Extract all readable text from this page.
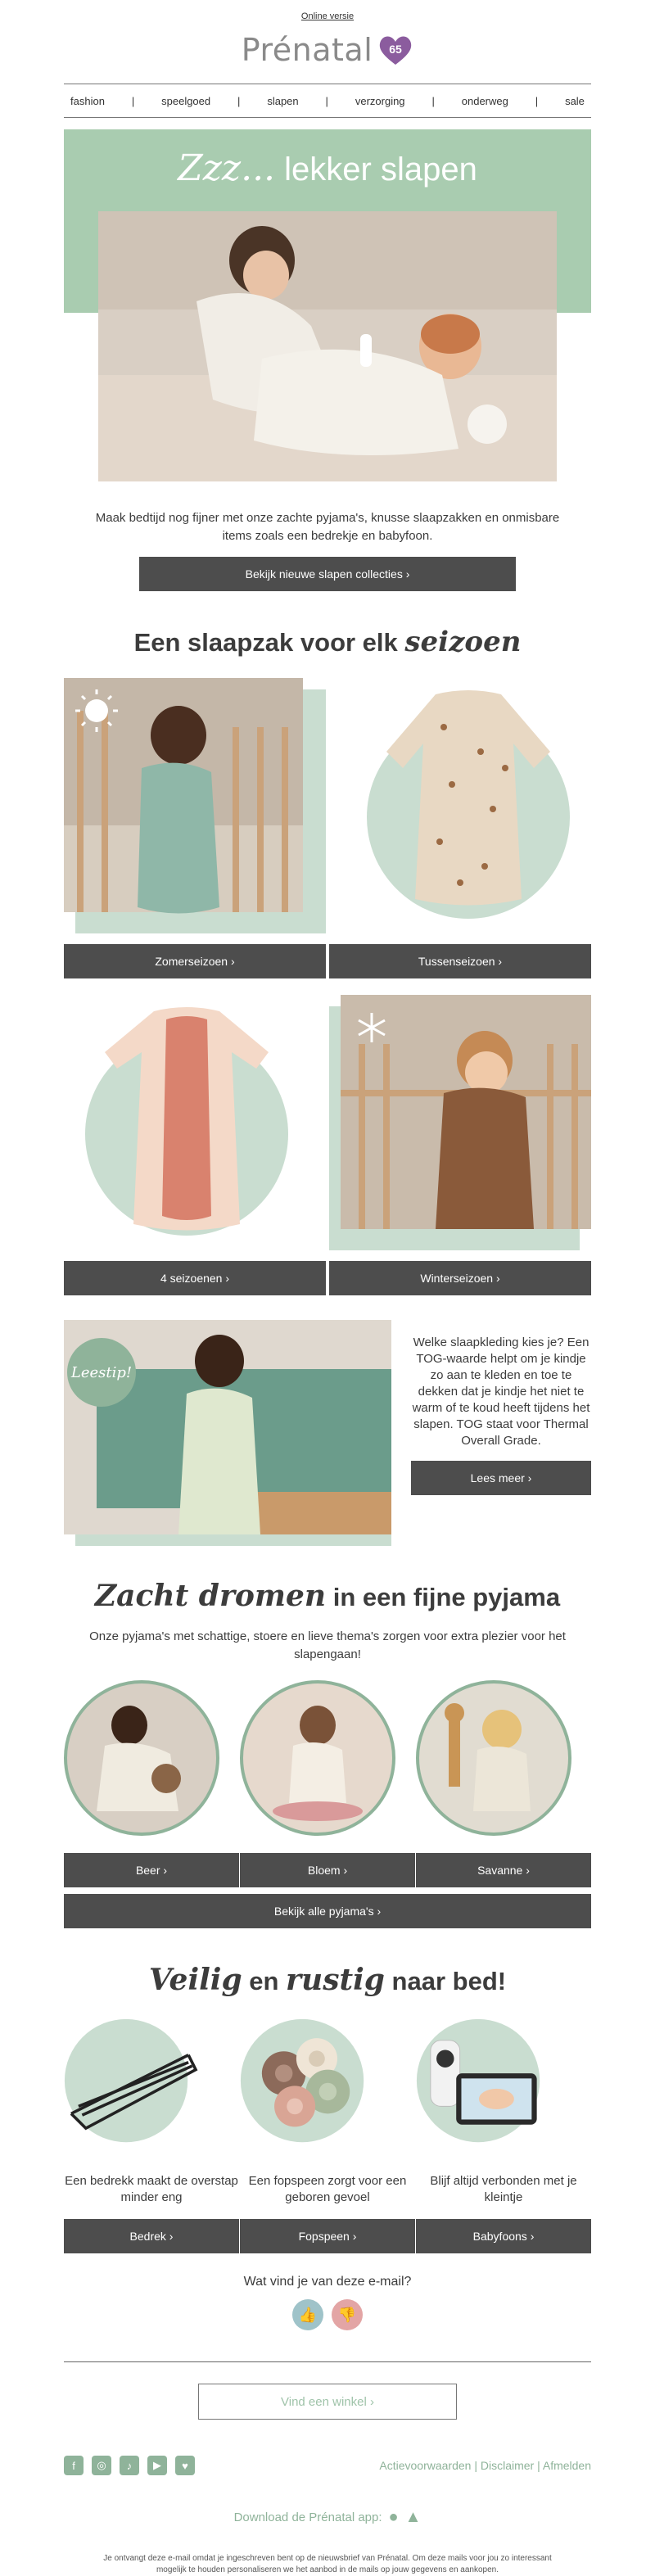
Online versie
Prénatal 65
fashion	|	speelgoed	|	slapen	|	verzorging	|	onderweg	|	sale
Zzz... lekker slapen

Maak bedtijd nog fijner met onze zachte pyjama's, knusse slaapzakken en onmisbare items zoals een bedrekje en babyfoon.

Bekijk nieuwe slapen collecties ›
Een slaapzak voor elk seizoen
Zomerseizoen ›	Tussenseizoen ›
4 seizoenen ›	Winterseizoen ›
Leestip!

Welke slaapkleding kies je? Een TOG-waarde helpt om je kindje zo aan te kleden en toe te dekken dat je kindje het niet te warm of te koud heeft tijdens het slapen. TOG staat voor Thermal Overall Grade.

Lees meer ›
Zacht dromen in een fijne pyjama

Onze pyjama's met schattige, stoere en lieve thema's zorgen voor extra plezier voor het slapengaan!

Beer ›	Bloem ›	Savanne ›
Bekijk alle pyjama's ›
Veilig en rustig naar bed!

Een bedrekk maakt de overstap minder eng

Bedrek ›

Een fopspeen zorgt voor een geboren gevoel

Fopspeen ›

Blijf altijd verbonden met je kleintje

Babyfoons ›

Wat vind je van deze e-mail?

👍	👎
Vind een winkel ›
f	◎	♪	▶	♥	Actievoorwaarden | Disclaimer | Afmelden
Download de Prénatal app: ● ▲

Je ontvangt deze e-mail omdat je ingeschreven bent op de nieuwsbrief van Prénatal. Om deze mails voor jou zo interessant mogelijk te houden personaliseren we het aanbod in de mails op jouw gegevens en aankopen.
